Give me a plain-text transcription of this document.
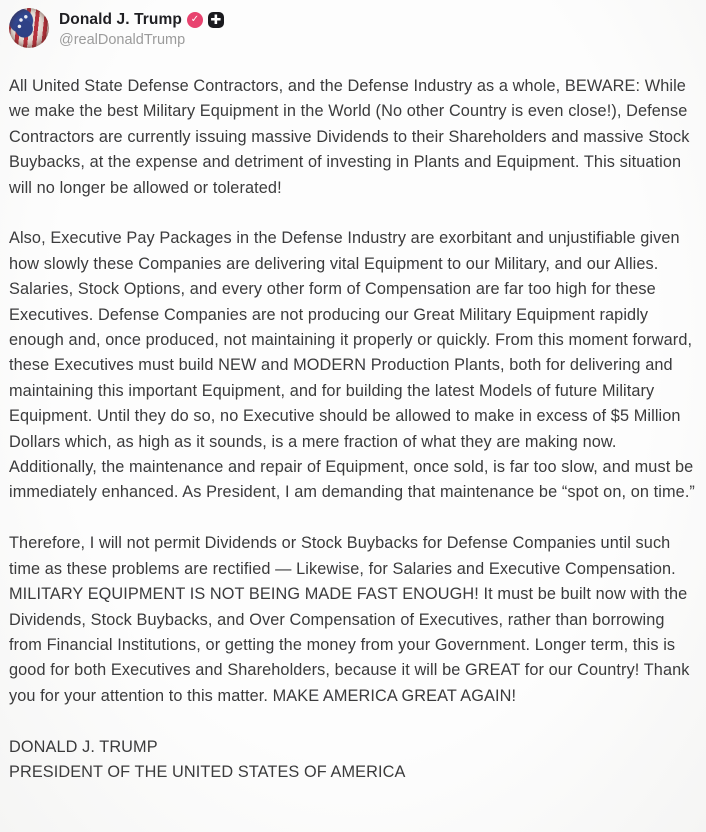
Donald J. Trump ✓ ✚
@realDonaldTrump

All United State Defense Contractors, and the Defense Industry as a whole, BEWARE: While we make the best Military Equipment in the World (No other Country is even close!), Defense Contractors are currently issuing massive Dividends to their Shareholders and massive Stock Buybacks, at the expense and detriment of investing in Plants and Equipment. This situation will no longer be allowed or tolerated!

Also, Executive Pay Packages in the Defense Industry are exorbitant and unjustifiable given how slowly these Companies are delivering vital Equipment to our Military, and our Allies. Salaries, Stock Options, and every other form of Compensation are far too high for these Executives. Defense Companies are not producing our Great Military Equipment rapidly enough and, once produced, not maintaining it properly or quickly. From this moment forward, these Executives must build NEW and MODERN Production Plants, both for delivering and maintaining this important Equipment, and for building the latest Models of future Military Equipment. Until they do so, no Executive should be allowed to make in excess of $5 Million Dollars which, as high as it sounds, is a mere fraction of what they are making now. Additionally, the maintenance and repair of Equipment, once sold, is far too slow, and must be immediately enhanced. As President, I am demanding that maintenance be “spot on, on time.”

Therefore, I will not permit Dividends or Stock Buybacks for Defense Companies until such time as these problems are rectified — Likewise, for Salaries and Executive Compensation. MILITARY EQUIPMENT IS NOT BEING MADE FAST ENOUGH! It must be built now with the Dividends, Stock Buybacks, and Over Compensation of Executives, rather than borrowing from Financial Institutions, or getting the money from your Government. Longer term, this is good for both Executives and Shareholders, because it will be GREAT for our Country! Thank you for your attention to this matter. MAKE AMERICA GREAT AGAIN!

DONALD J. TRUMP

PRESIDENT OF THE UNITED STATES OF AMERICA
